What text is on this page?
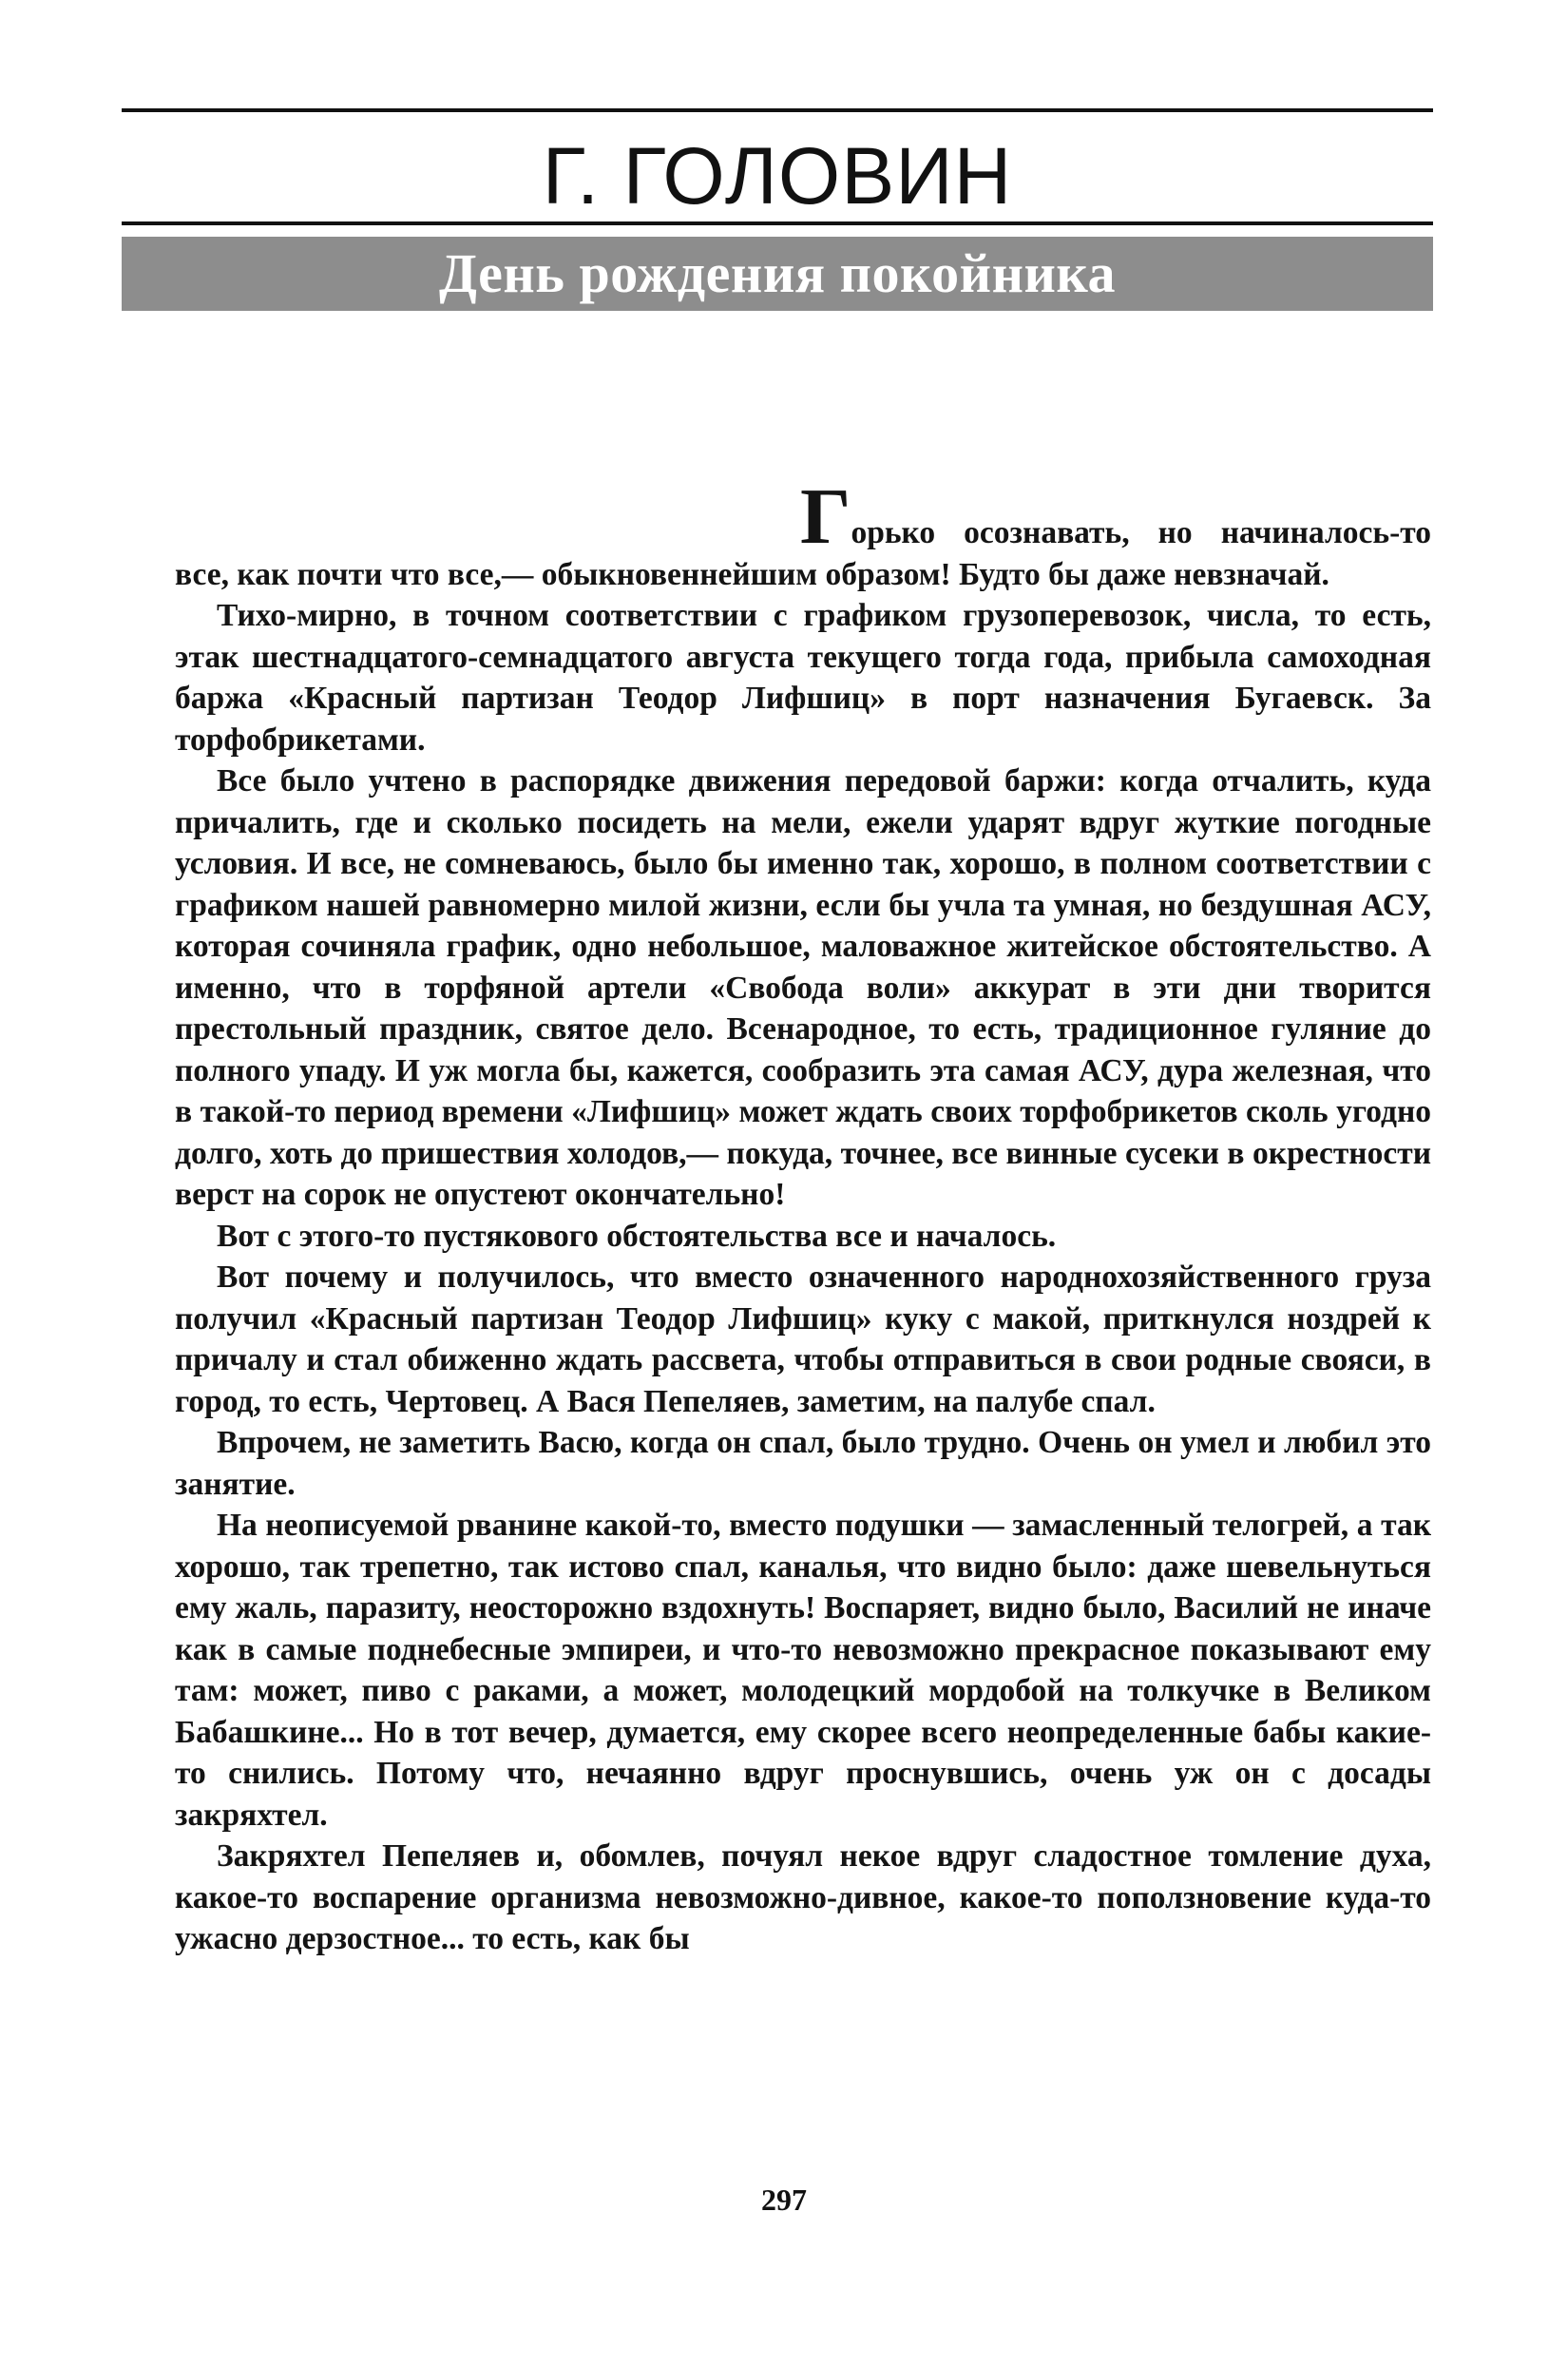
Г. ГОЛОВИН
День рождения покойника

Горько осознавать, но начиналось-то все, как почти что все,— обыкновеннейшим образом! Будто бы даже невзначай.

Тихо-мирно, в точном соответствии с графиком грузоперевозок, числа, то есть, этак шестнадцатого-семнадцатого августа текущего тогда года, прибыла самоходная баржа «Красный партизан Теодор Лифшиц» в порт назначения Бугаевск. За торфобрикетами.

Все было учтено в распорядке движения передовой баржи: когда отчалить, куда причалить, где и сколько посидеть на мели, ежели ударят вдруг жуткие погодные условия. И все, не сомневаюсь, было бы именно так, хорошо, в полном соответствии с графиком нашей равномерно милой жизни, если бы учла та умная, но бездушная АСУ, которая сочиняла график, одно небольшое, маловажное житейское обстоятельство. А именно, что в торфяной артели «Свобода воли» аккурат в эти дни творится престольный праздник, святое дело. Всенародное, то есть, традиционное гуляние до полного упаду. И уж могла бы, кажется, сообразить эта самая АСУ, дура железная, что в такой-то период времени «Лифшиц» может ждать своих торфобрикетов сколь угодно долго, хоть до пришествия холодов,— покуда, точнее, все винные сусеки в окрестности верст на сорок не опустеют окончательно!

Вот с этого-то пустякового обстоятельства все и началось.

Вот почему и получилось, что вместо означенного народнохозяйственного груза получил «Красный партизан Теодор Лифшиц» куку с макой, приткнулся ноздрей к причалу и стал обиженно ждать рассвета, чтобы отправиться в свои родные свояси, в город, то есть, Чертовец. А Вася Пепеляев, заметим, на палубе спал.

Впрочем, не заметить Васю, когда он спал, было трудно. Очень он умел и любил это занятие.

На неописуемой рванине какой-то, вместо подушки — замасленный телогрей, а так хорошо, так трепетно, так истово спал, каналья, что видно было: даже шевельнуться ему жаль, паразиту, неосторожно вздохнуть! Воспаряет, видно было, Василий не иначе как в самые поднебесные эмпиреи, и что-то невозможно прекрасное показывают ему там: может, пиво с раками, а может, молодецкий мордобой на толкучке в Великом Бабашкине... Но в тот вечер, думается, ему скорее всего неопределенные бабы какие-то снились. Потому что, нечаянно вдруг проснувшись, очень уж он с досады закряхтел.

Закряхтел Пепеляев и, обомлев, почуял некое вдруг сладостное томление духа, какое-то воспарение организма невозможно-дивное, какое-то поползновение куда-то ужасно дерзостное... то есть, как бы

297
